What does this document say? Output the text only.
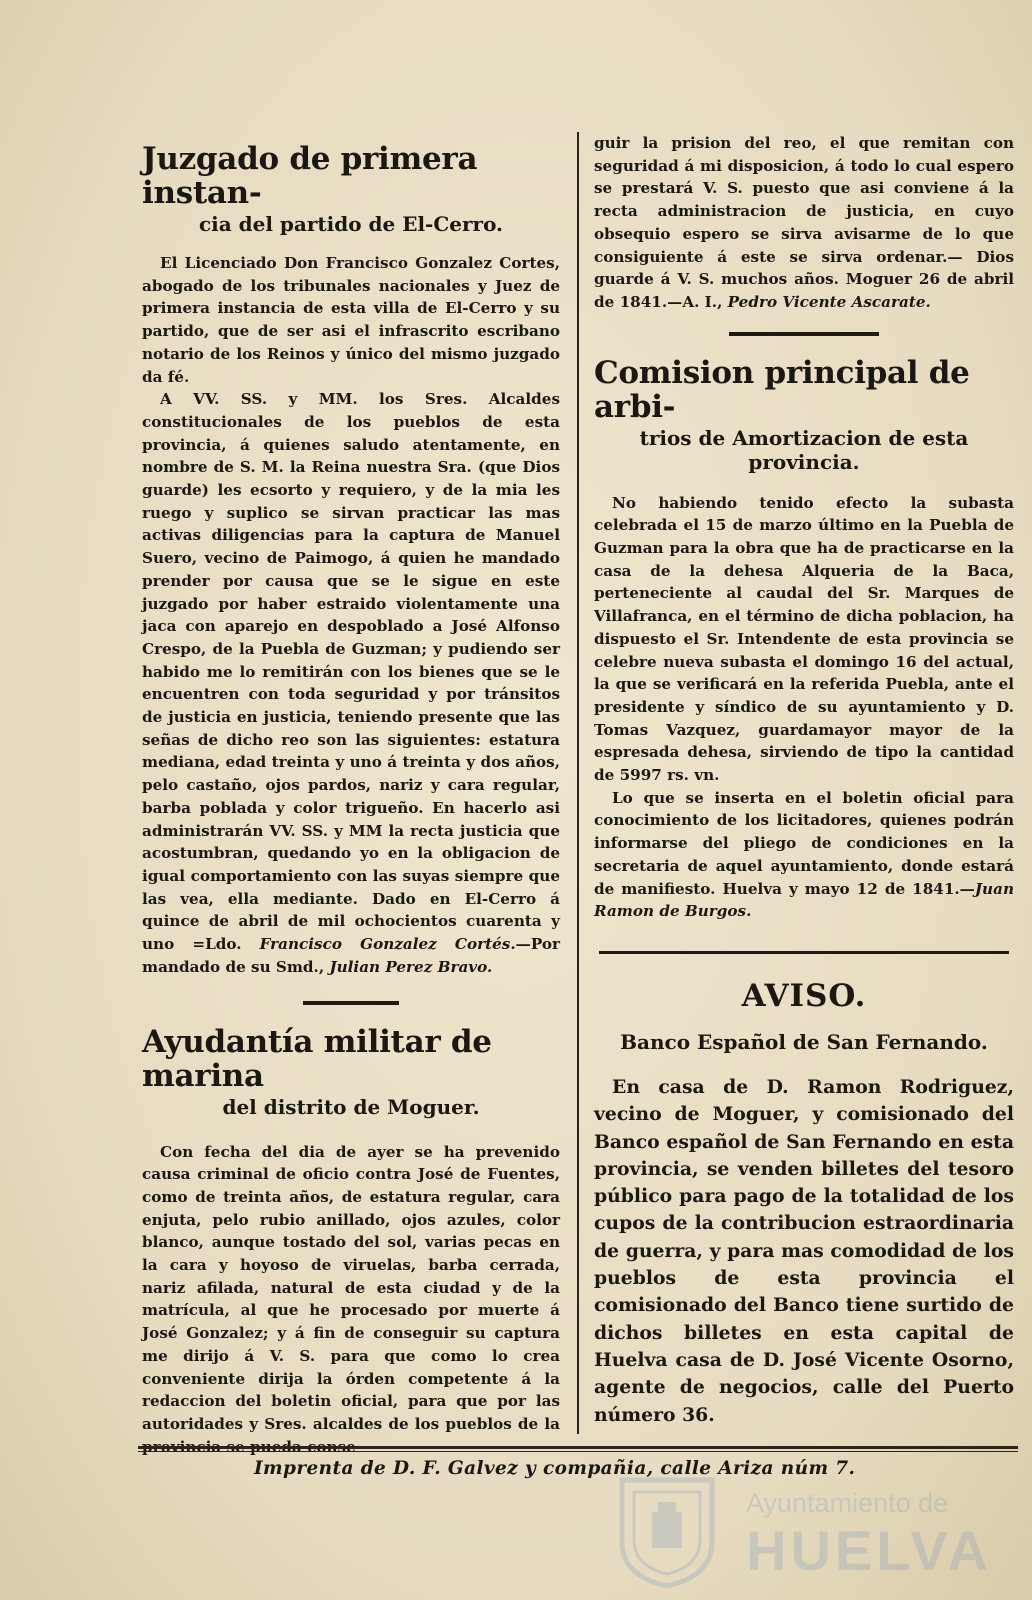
Juzgado de primera instan-
cia del partido de El-Cerro.

El Licenciado Don Francisco Gonzalez Cortes, abogado de los tribunales nacionales y Juez de primera instancia de esta villa de El-Cerro y su partido, que de ser asi el infrascrito escribano notario de los Reinos y único del mismo juzgado da fé.

A VV. SS. y MM. los Sres. Alcaldes constitucionales de los pueblos de esta provincia, á quienes saludo atentamente, en nombre de S. M. la Reina nuestra Sra. (que Dios guarde) les ecsorto y requiero, y de la mia les ruego y suplico se sirvan practicar las mas activas diligencias para la captura de Manuel Suero, vecino de Paimogo, á quien he mandado prender por causa que se le sigue en este juzgado por haber estraido violentamente una jaca con aparejo en despoblado a José Alfonso Crespo, de la Puebla de Guzman; y pudiendo ser habido me lo remitirán con los bienes que se le encuentren con toda seguridad y por tránsitos de justicia en justicia, teniendo presente que las señas de dicho reo son las siguientes: estatura mediana, edad treinta y uno á treinta y dos años, pelo castaño, ojos pardos, nariz y cara regular, barba poblada y color trigueño. En hacerlo asi administrarán VV. SS. y MM la recta justicia que acostumbran, quedando yo en la obligacion de igual comportamiento con las suyas siempre que las vea, ella mediante. Dado en El-Cerro á quince de abril de mil ochocientos cuarenta y uno =Ldo. Francisco Gonzalez Cortés.—Por mandado de su Smd., Julian Perez Bravo.

Ayudantía militar de marina
del distrito de Moguer.

Con fecha del dia de ayer se ha prevenido causa criminal de oficio contra José de Fuentes, como de treinta años, de estatura regular, cara enjuta, pelo rubio anillado, ojos azules, color blanco, aunque tostado del sol, varias pecas en la cara y hoyoso de viruelas, barba cerrada, nariz afilada, natural de esta ciudad y de la matrícula, al que he procesado por muerte á José Gonzalez; y á fin de conseguir su captura me dirijo á V. S. para que como lo crea conveniente dirija la órden competente á la redaccion del boletin oficial, para que por las autoridades y Sres. alcaldes de los pueblos de la

guir la prision del reo, el que remitan con seguridad á mi disposicion, á todo lo cual espero se prestará V. S. puesto que asi conviene á la recta administracion de justicia, en cuyo obsequio espero se sirva avisarme de lo que consiguiente á este se sirva ordenar.— Dios guarde á V. S. muchos años. Moguer 26 de abril de 1841.—A. I., Pedro Vicente Ascarate.

Comision principal de arbi-
trios de Amortizacion de esta provincia.

No habiendo tenido efecto la subasta celebrada el 15 de marzo último en la Puebla de Guzman para la obra que ha de practicarse en la casa de la dehesa Alqueria de la Baca, perteneciente al caudal del Sr. Marques de Villafranca, en el término de dicha poblacion, ha dispuesto el Sr. Intendente de esta provincia se celebre nueva subasta el domingo 16 del actual, la que se verificará en la referida Puebla, ante el presidente y síndico de su ayuntamiento y D. Tomas Vazquez, guardamayor mayor de la espresada dehesa, sirviendo de tipo la cantidad de 5997 rs. vn.

Lo que se inserta en el boletin oficial para conocimiento de los licitadores, quienes podrán informarse del pliego de condiciones en la secretaria de aquel ayuntamiento, donde estará de manifiesto. Huelva y mayo 12 de 1841.—Juan Ramon de Burgos.

AVISO.
Banco Español de San Fernando.

En casa de D. Ramon Rodriguez, vecino de Moguer, y comisionado del Banco español de San Fernando en esta provincia, se venden billetes del tesoro público para pago de la totalidad de los cupos de la contribucion estraordinaria de guerra, y para mas comodidad de los pueblos de esta provincia el comisionado del Banco tiene surtido de dichos billetes en esta capital de Huelva casa de D. José Vicente Osorno, agente de negocios, calle del Puerto número 36.

Imprenta de D. F. Galvez y compañia, calle Ariza núm 7.
Ayuntamiento de
HUELVA
